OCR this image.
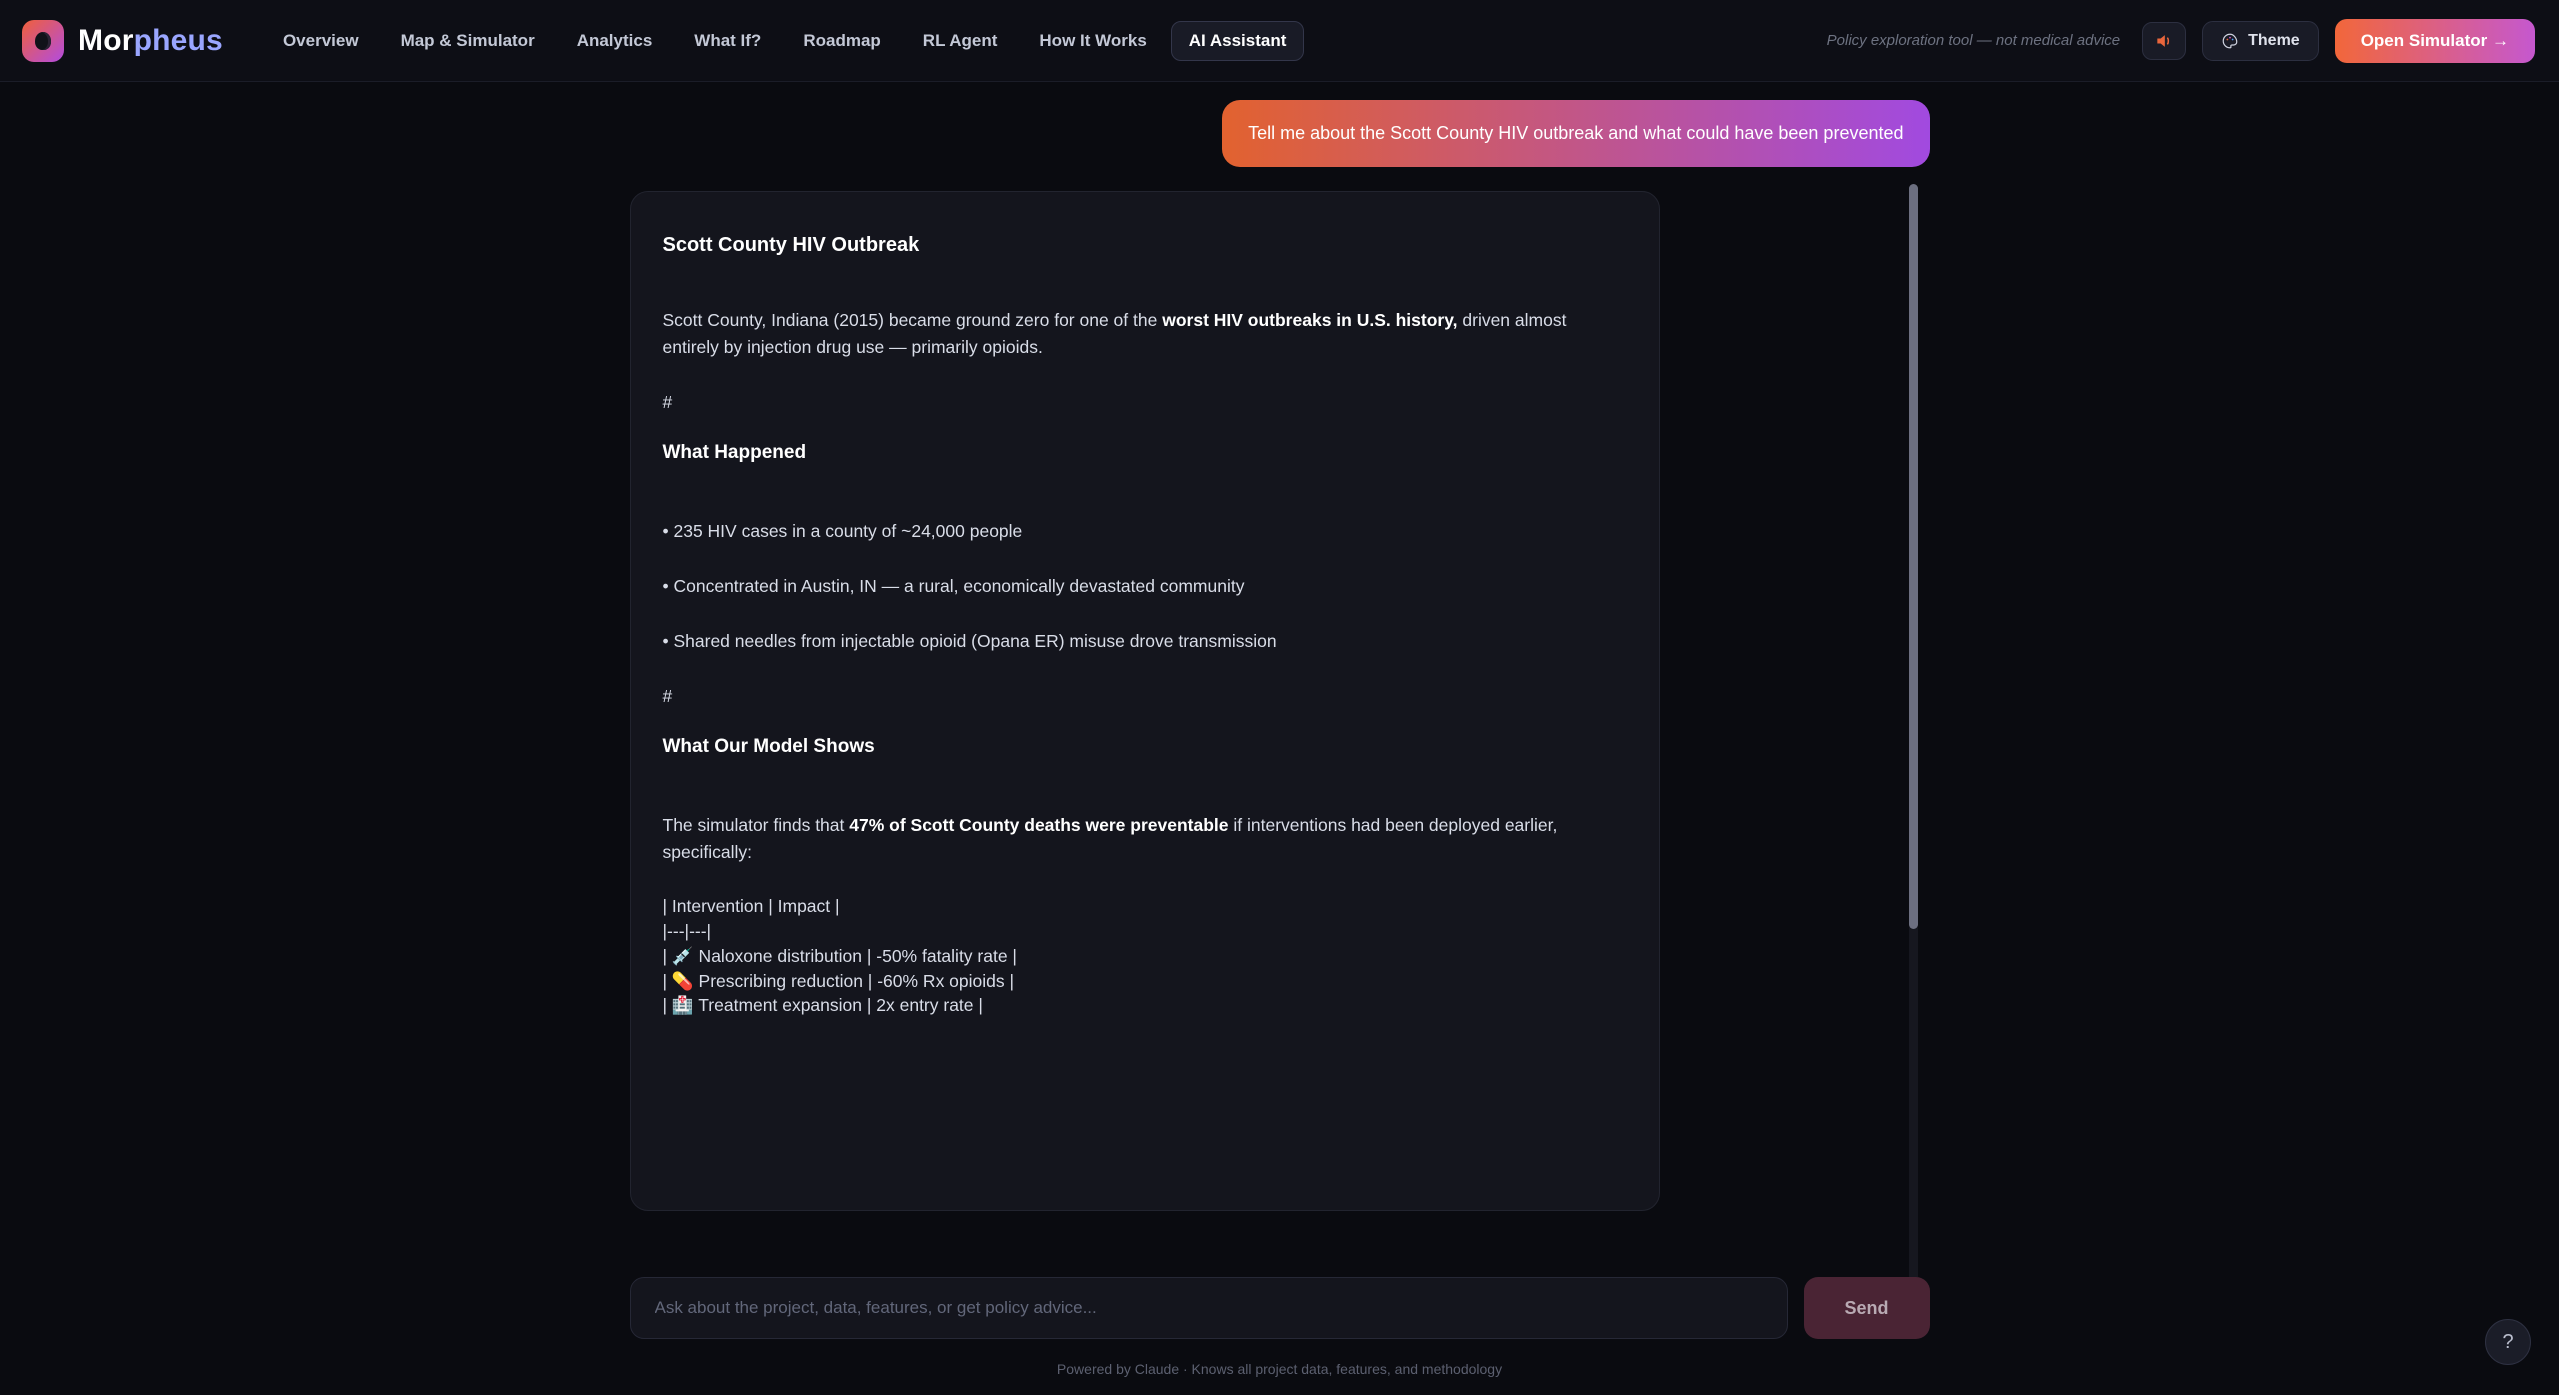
Morpheus	Overview	Map & Simulator	Analytics	What If?	Roadmap	RL Agent	How It Works	AI Assistant	Policy exploration tool — not medical advice	Theme	Open Simulator →
Tell me about the Scott County HIV outbreak and what could have been prevented
Scott County HIV Outbreak
Scott County, Indiana (2015) became ground zero for one of the worst HIV outbreaks in U.S. history, driven almost entirely by injection drug use — primarily opioids.
#
What Happened
• 235 HIV cases in a county of ~24,000 people
• Concentrated in Austin, IN — a rural, economically devastated community
• Shared needles from injectable opioid (Opana ER) misuse drove transmission
#
What Our Model Shows
The simulator finds that 47% of Scott County deaths were preventable if interventions had been deployed earlier, specifically:
| Intervention | Impact |
|---|---|
| 💉 Naloxone distribution | -50% fatality rate |
| 💊 Prescribing reduction | -60% Rx opioids |
| 🏥 Treatment expansion | 2x entry rate |
Ask about the project, data, features, or get policy advice...
Send
Powered by Claude · Knows all project data, features, and methodology
?
